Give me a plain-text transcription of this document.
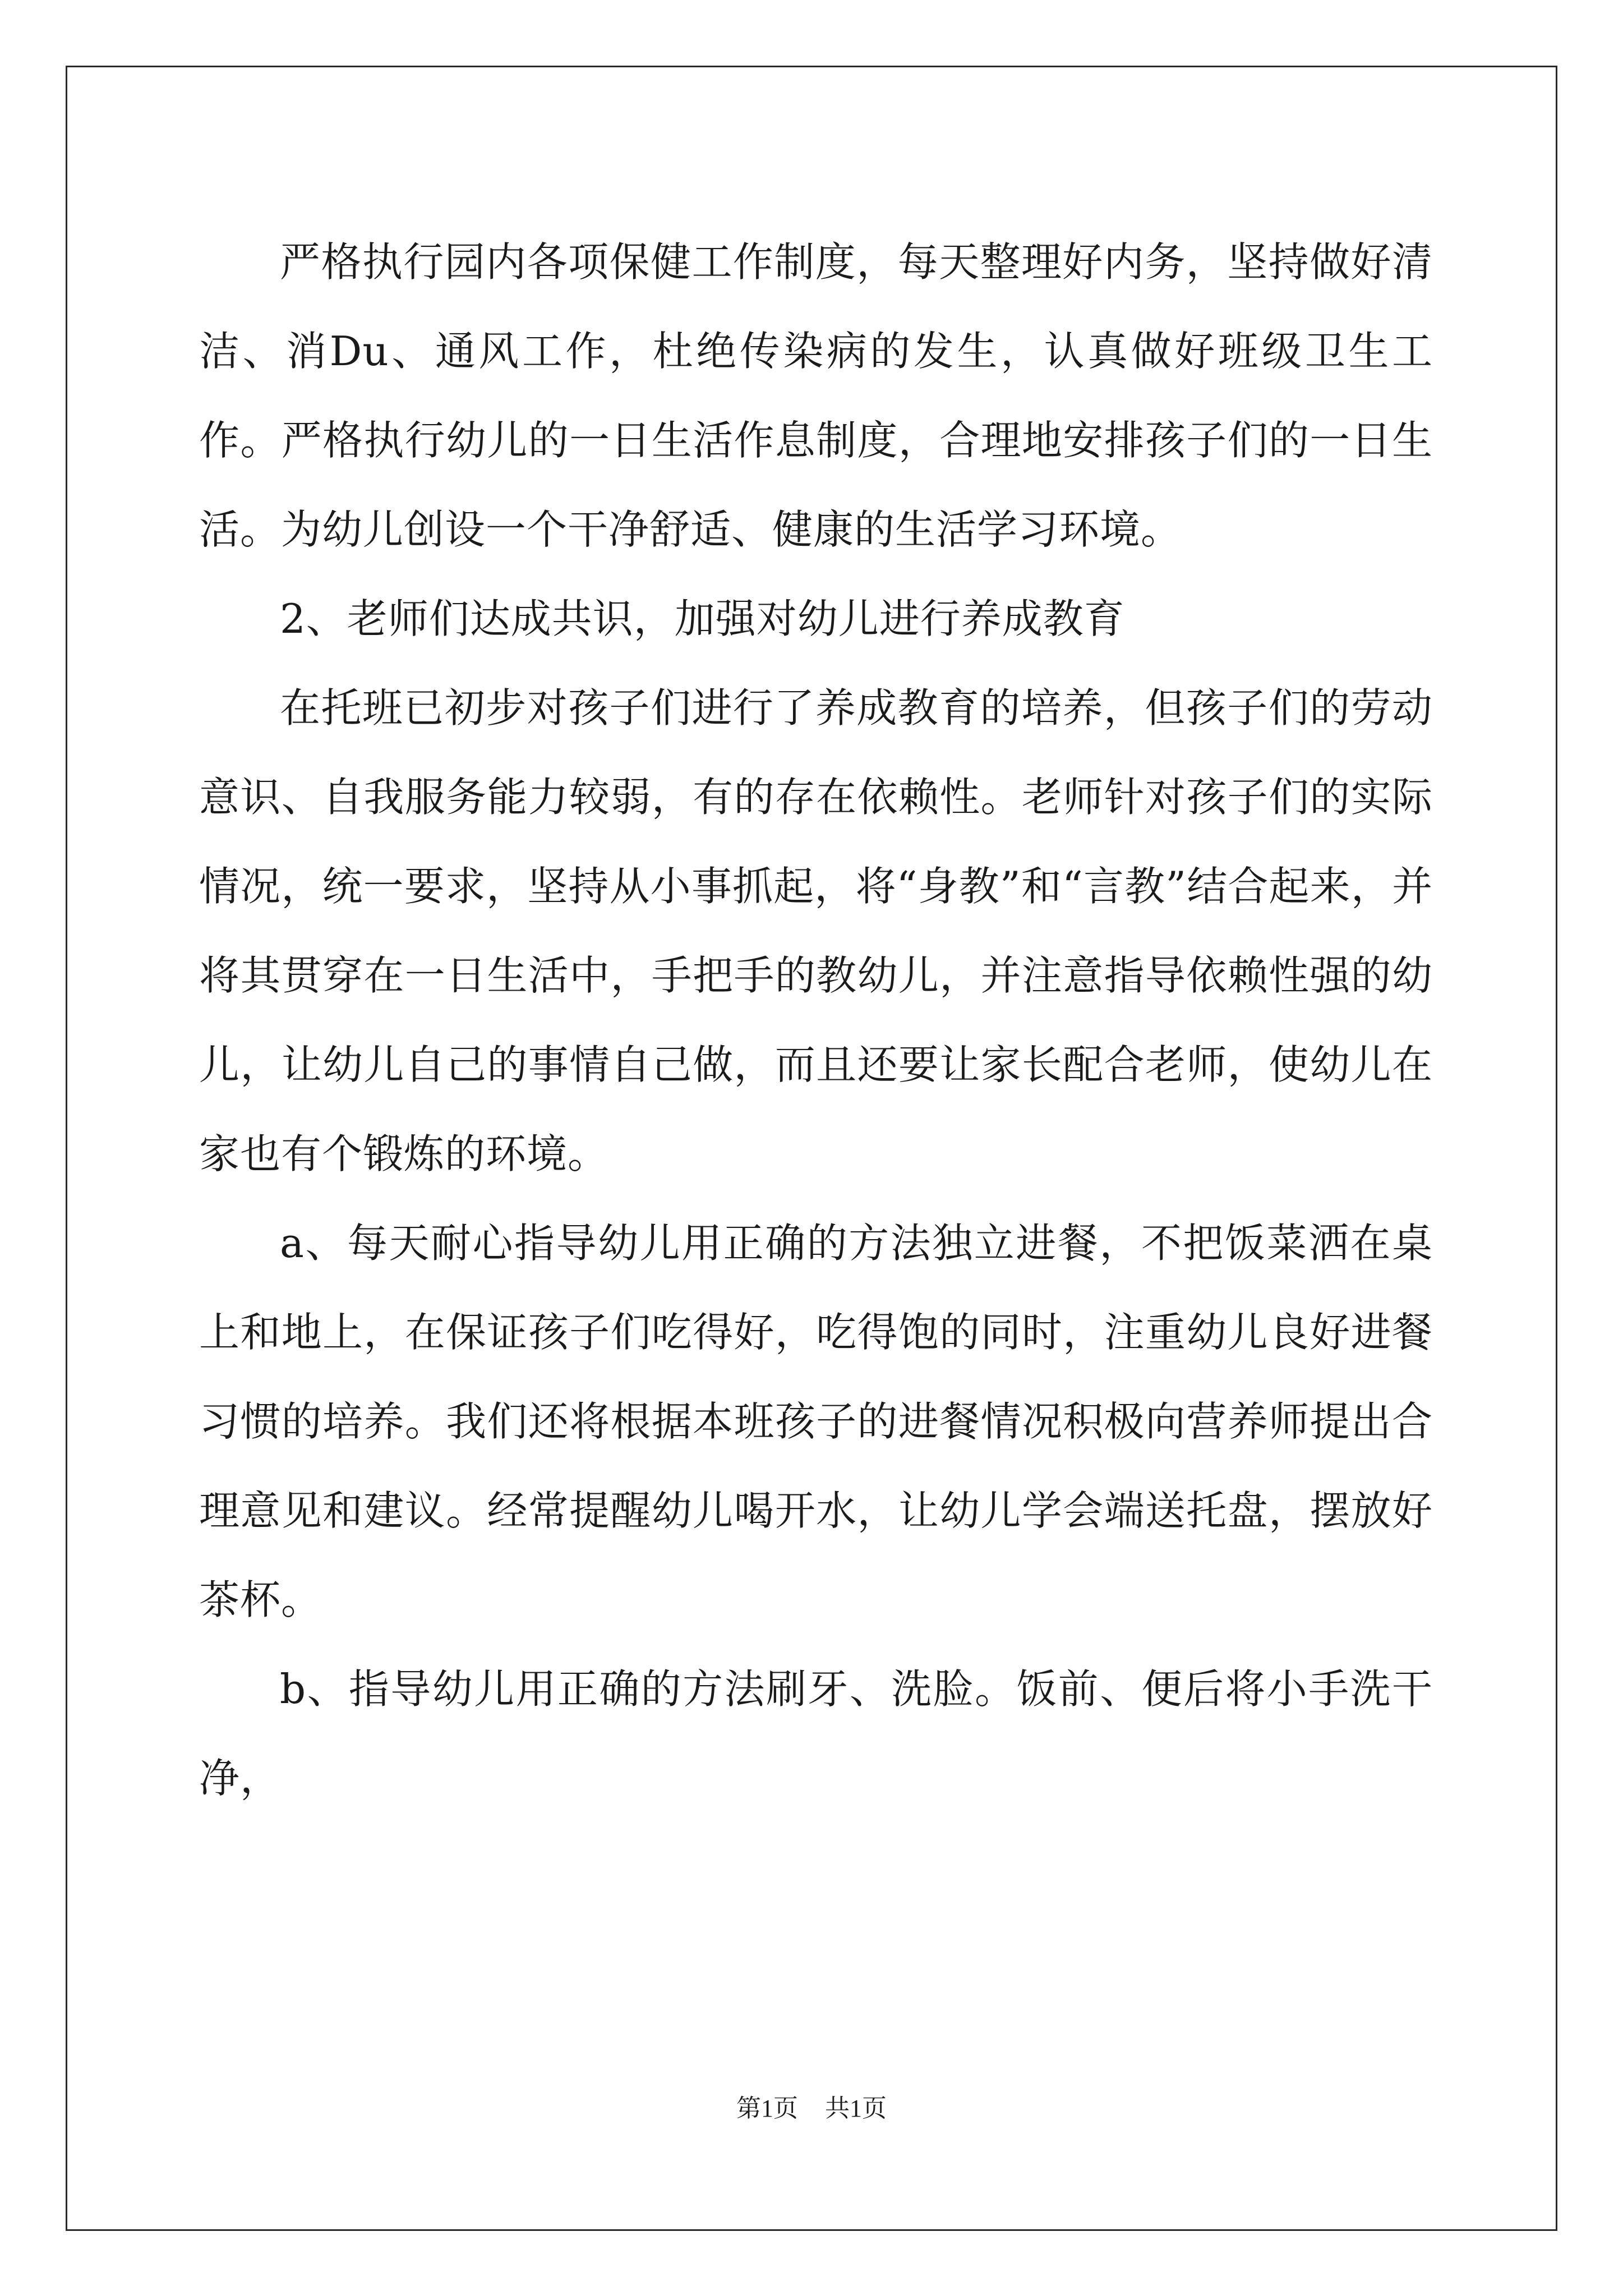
严格执行园内各项保健工作制度，每天整理好内务，坚持做好清洁、消Du、通风工作，杜绝传染病的发生，认真做好班级卫生工作。严格执行幼儿的一日生活作息制度，合理地安排孩子们的一日生活。为幼儿创设一个干净舒适、健康的生活学习环境。

2、老师们达成共识，加强对幼儿进行养成教育

在托班已初步对孩子们进行了养成教育的培养，但孩子们的劳动意识、自我服务能力较弱，有的存在依赖性。老师针对孩子们的实际情况，统一要求，坚持从小事抓起，将“身教”和“言教”结合起来，并将其贯穿在一日生活中，手把手的教幼儿，并注意指导依赖性强的幼儿，让幼儿自己的事情自己做，而且还要让家长配合老师，使幼儿在家也有个锻炼的环境。

a、每天耐心指导幼儿用正确的方法独立进餐，不把饭菜洒在桌上和地上，在保证孩子们吃得好，吃得饱的同时，注重幼儿良好进餐习惯的培养。我们还将根据本班孩子的进餐情况积极向营养师提出合理意见和建议。经常提醒幼儿喝开水，让幼儿学会端送托盘，摆放好茶杯。

b、指导幼儿用正确的方法刷牙、洗脸。饭前、便后将小手洗干净，

第1页 共1页
